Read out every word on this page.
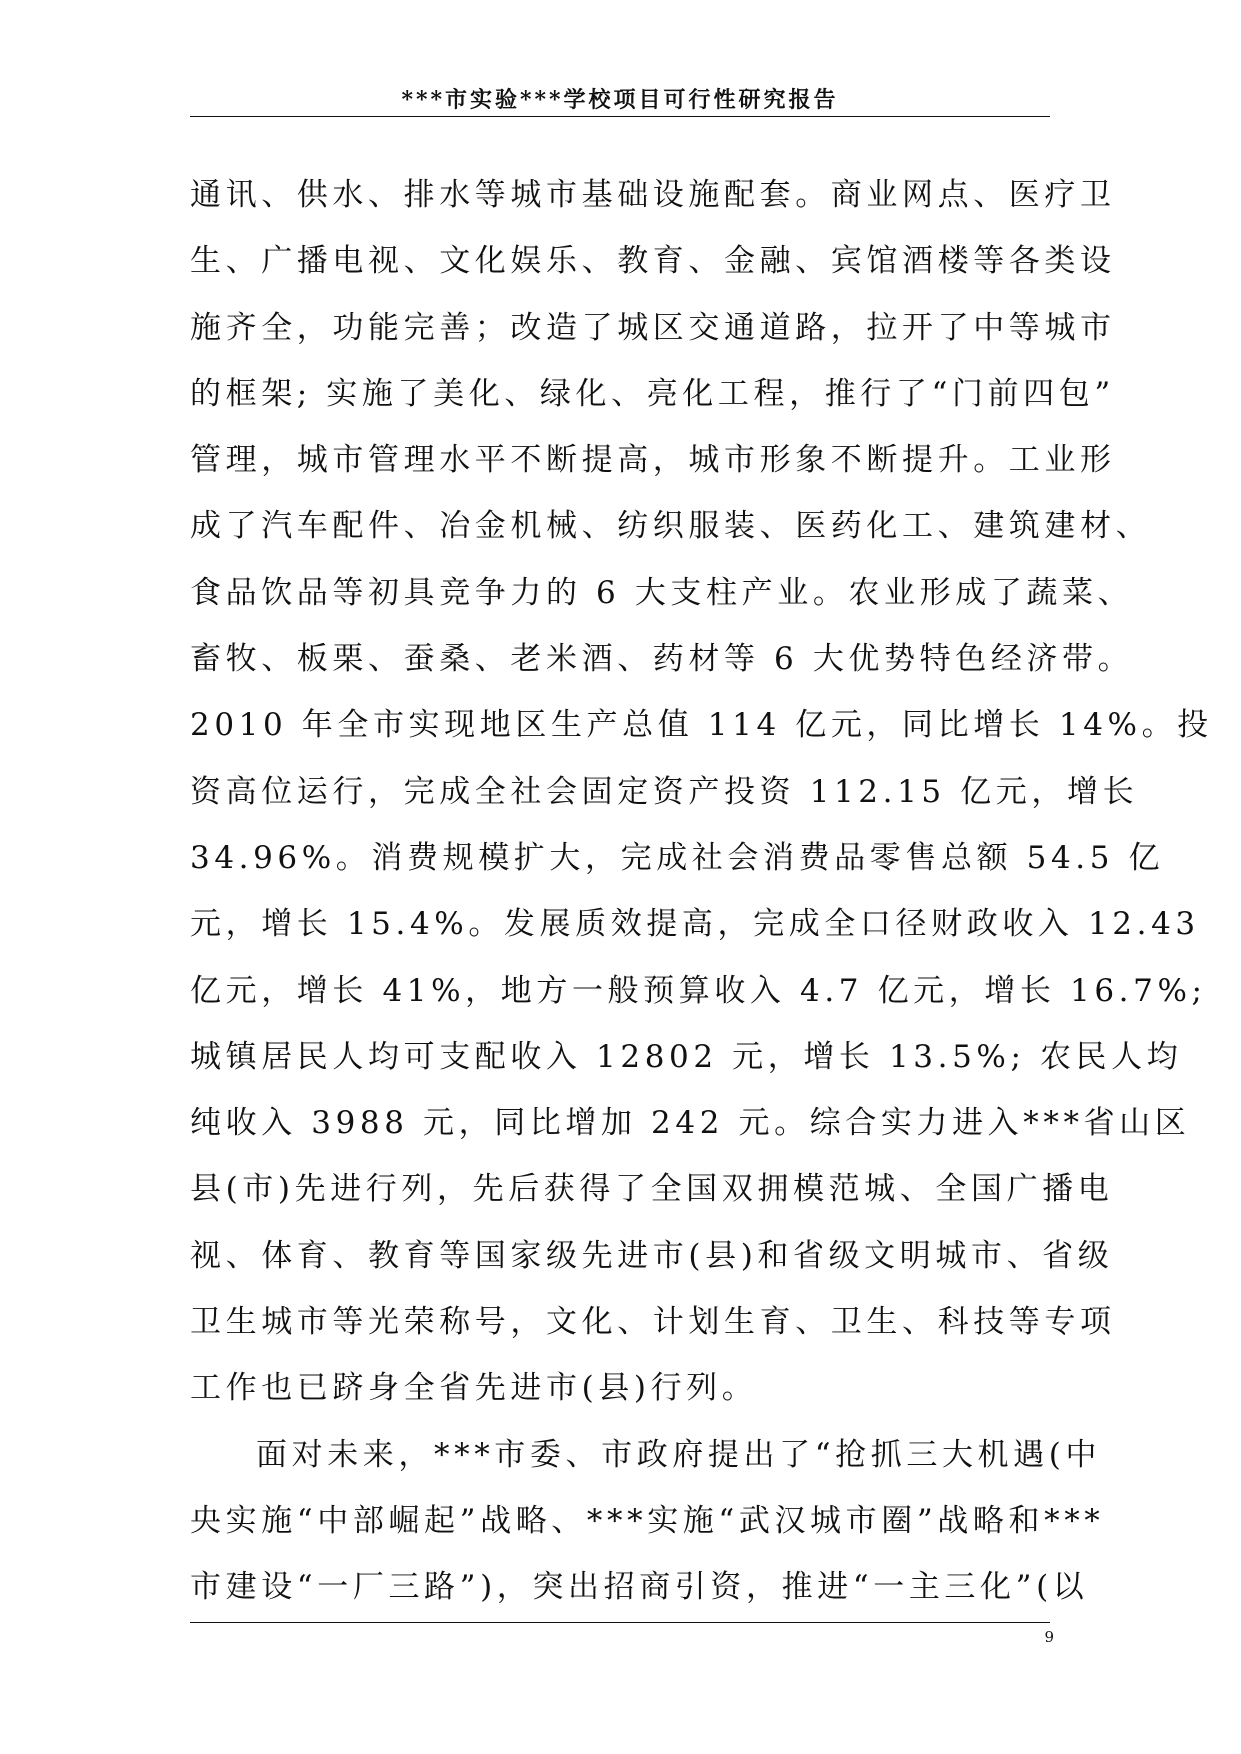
***市实验***学校项目可行性研究报告
通讯、供水、排水等城市基础设施配套。商业网点、医疗卫
生、广播电视、文化娱乐、教育、金融、宾馆酒楼等各类设
施齐全，功能完善；改造了城区交通道路，拉开了中等城市
的框架; 实施了美化、绿化、亮化工程，推行了“门前四包”
管理，城市管理水平不断提高，城市形象不断提升。工业形
成了汽车配件、冶金机械、纺织服装、医药化工、建筑建材、
食品饮品等初具竞争力的 6 大支柱产业。农业形成了蔬菜、
畜牧、板栗、蚕桑、老米酒、药材等 6 大优势特色经济带。
2010 年全市实现地区生产总值 114 亿元，同比增长 14%。投
资高位运行，完成全社会固定资产投资 112.15 亿元，增长
34.96%。消费规模扩大，完成社会消费品零售总额 54.5 亿
元，增长 15.4%。发展质效提高，完成全口径财政收入 12.43
亿元，增长 41%，地方一般预算收入 4.7 亿元，增长 16.7%;
城镇居民人均可支配收入 12802 元，增长 13.5%; 农民人均
纯收入 3988 元，同比增加 242 元。综合实力进入***省山区
县(市)先进行列，先后获得了全国双拥模范城、全国广播电
视、体育、教育等国家级先进市(县)和省级文明城市、省级
卫生城市等光荣称号，文化、计划生育、卫生、科技等专项
工作也已跻身全省先进市(县)行列。
面对未来，***市委、市政府提出了“抢抓三大机遇(中
央实施“中部崛起”战略、***实施“武汉城市圈”战略和***
市建设“一厂三路”)，突出招商引资，推进“一主三化”(以
9
